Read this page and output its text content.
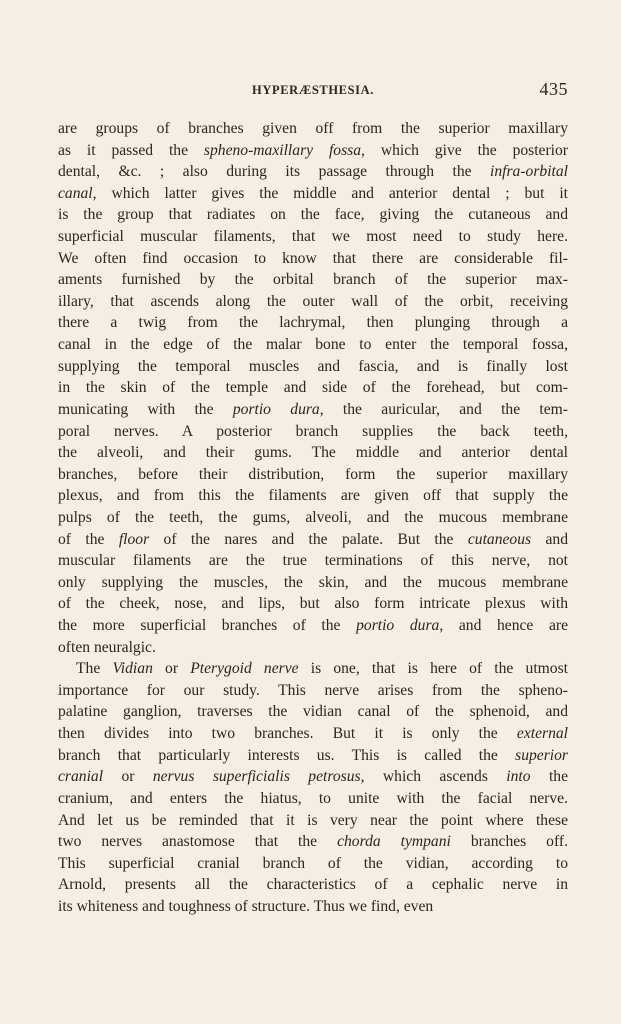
HYPERÆSTHESIA.	435
are groups of branches given off from the superior maxillary
as it passed the spheno-maxillary fossa, which give the posterior
dental, &c. ; also during its passage through the infra-orbital
canal, which latter gives the middle and anterior dental ; but it
is the group that radiates on the face, giving the cutaneous and
superficial muscular filaments, that we most need to study here.
We often find occasion to know that there are considerable fil-
aments furnished by the orbital branch of the superior max-
illary, that ascends along the outer wall of the orbit, receiving
there a twig from the lachrymal, then plunging through a
canal in the edge of the malar bone to enter the temporal fossa,
supplying the temporal muscles and fascia, and is finally lost
in the skin of the temple and side of the forehead, but com-
municating with the portio dura, the auricular, and the tem-
poral nerves. A posterior branch supplies the back teeth,
the alveoli, and their gums. The middle and anterior dental
branches, before their distribution, form the superior maxillary
plexus, and from this the filaments are given off that supply the
pulps of the teeth, the gums, alveoli, and the mucous membrane
of the floor of the nares and the palate. But the cutaneous and
muscular filaments are the true terminations of this nerve, not
only supplying the muscles, the skin, and the mucous membrane
of the cheek, nose, and lips, but also form intricate plexus with
the more superficial branches of the portio dura, and hence are
often neuralgic.
The Vidian or Pterygoid nerve is one, that is here of the utmost
importance for our study. This nerve arises from the spheno-
palatine ganglion, traverses the vidian canal of the sphenoid, and
then divides into two branches. But it is only the external
branch that particularly interests us. This is called the superior
cranial or nervus superficialis petrosus, which ascends into the
cranium, and enters the hiatus, to unite with the facial nerve.
And let us be reminded that it is very near the point where these
two nerves anastomose that the chorda tympani branches off.
This superficial cranial branch of the vidian, according to
Arnold, presents all the characteristics of a cephalic nerve in
its whiteness and toughness of structure. Thus we find, even
